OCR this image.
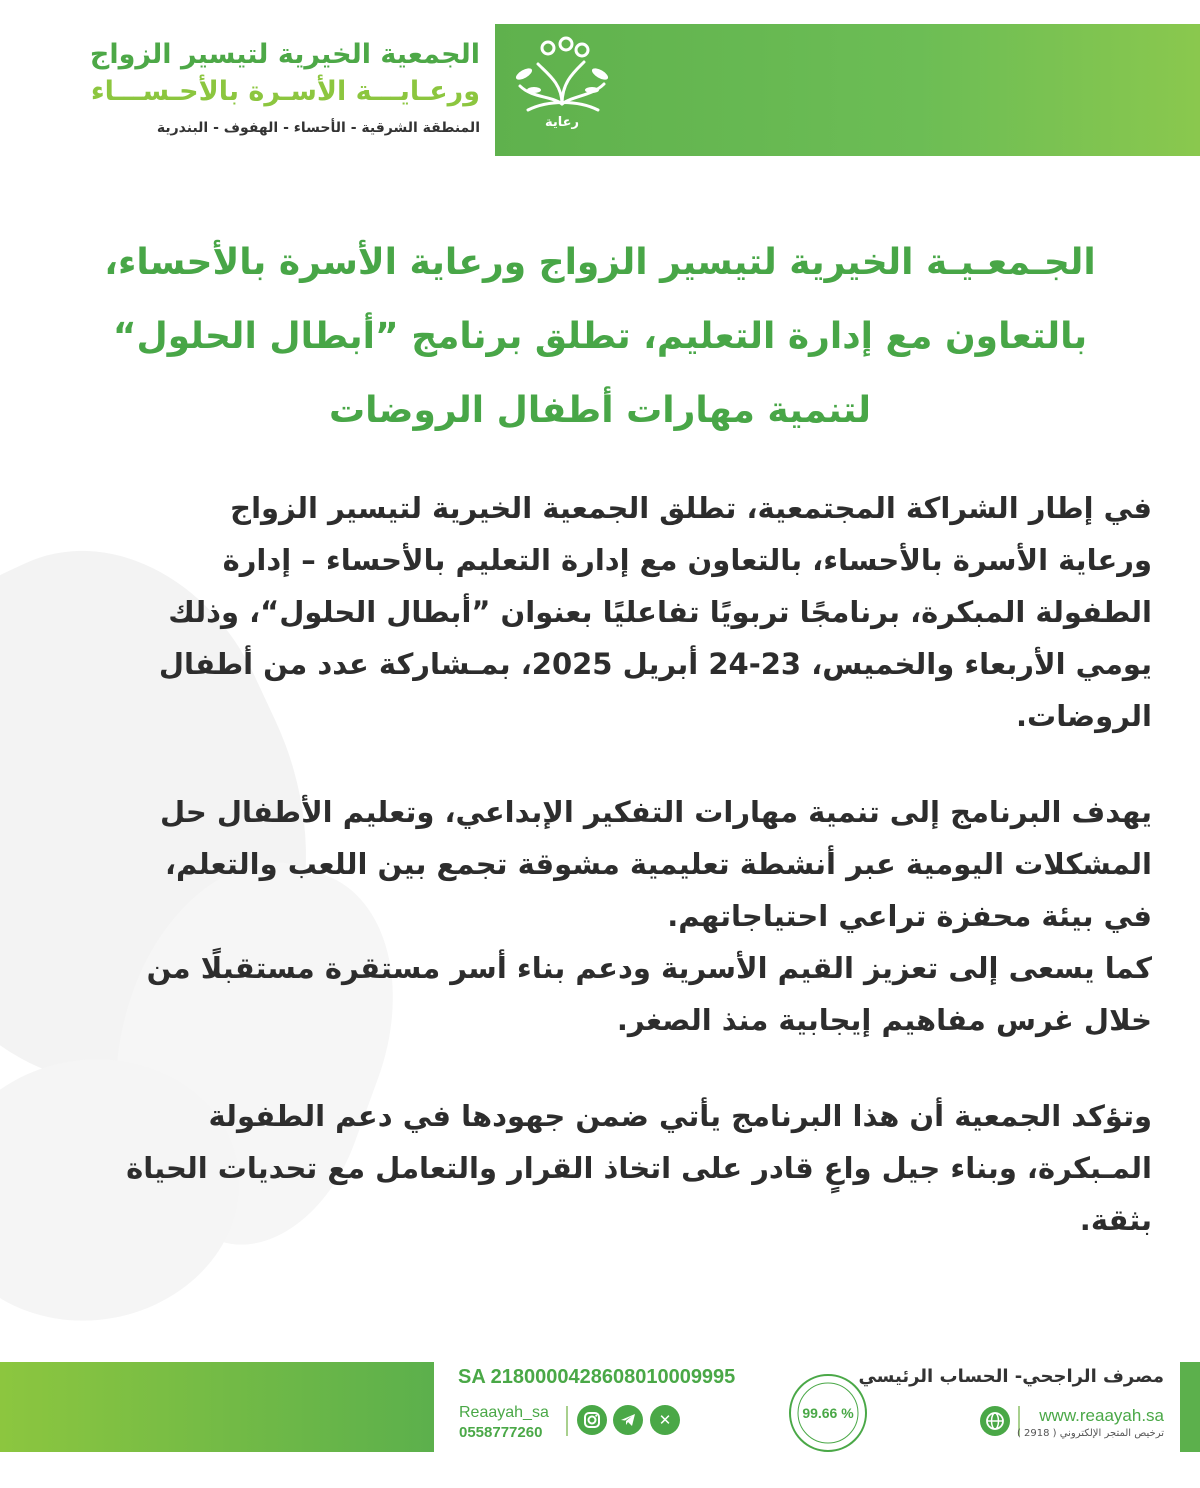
رعاية
الجمعية الخيرية لتيسير الزواج
ورعـايـــة الأسـرة بالأحـســـاء
المنطقة الشرقية - الأحساء - الهفوف - البندرية
الجـمعـيـة الخيرية لتيسير الزواج ورعاية الأسرة بالأحساء،
بالتعاون مع إدارة التعليم، تطلق برنامج ”أبطال الحلول“
لتنمية مهارات أطفال الروضات
في إطار الشراكة المجتمعية، تطلق الجمعية الخيرية لتيسير الزواج
ورعاية الأسرة بالأحساء، بالتعاون مع إدارة التعليم بالأحساء – إدارة
الطفولة المبكرة، برنامجًا تربويًا تفاعليًا بعنوان ”أبطال الحلول“، وذلك
يومي الأربعاء والخميس، 23-24 أبريل 2025، بمـشاركة عدد من أطفال
الروضات.
يهدف البرنامج إلى تنمية مهارات التفكير الإبداعي، وتعليم الأطفال حل
المشكلات اليومية عبر أنشطة تعليمية مشوقة تجمع بين اللعب والتعلم،
في بيئة محفزة تراعي احتياجاتهم.
كما يسعى إلى تعزيز القيم الأسرية ودعم بناء أسر مستقرة مستقبلًا من
خلال غرس مفاهيم إيجابية منذ الصغر.
وتؤكد الجمعية أن هذا البرنامج يأتي ضمن جهودها في دعم الطفولة
المـبكرة، وبناء جيل واعٍ قادر على اتخاذ القرار والتعامل مع تحديات الحياة
بثقة.
SA 2180000428608010009995
Reaayah_sa
0558777260
✕	99.66 %
مصرف الراجحي- الحساب الرئيسي
www.reaayah.sa
ترخيص المتجر الإلكتروني ( 2918 )
